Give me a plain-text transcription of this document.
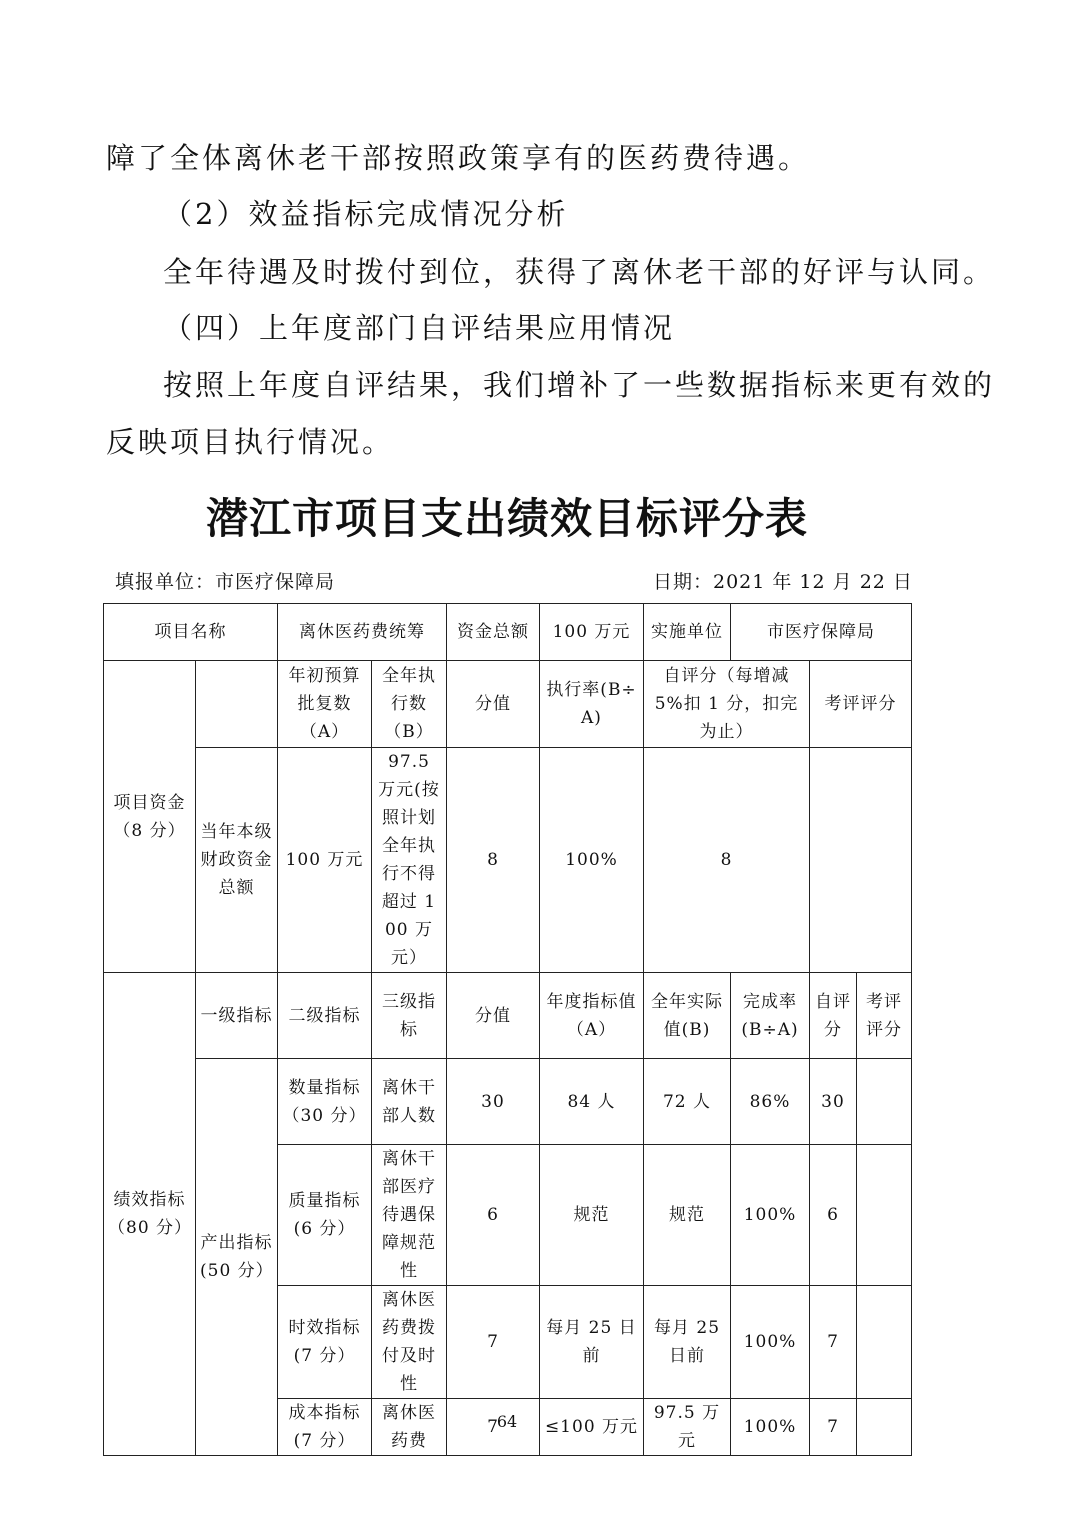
障了全体离休老干部按照政策享有的医药费待遇。
（2）效益指标完成情况分析
全年待遇及时拨付到位，获得了离休老干部的好评与认同。
（四）上年度部门自评结果应用情况
按照上年度自评结果，我们增补了一些数据指标来更有效的
反映项目执行情况。
潜江市项目支出绩效目标评分表
填报单位：市医疗保障局	日期：2021 年 12 月 22 日
项目名称		离休医药费统筹		资金总额	100 万元	实施单位	市医疗保障局		
项目资金（8 分）		年初预算批复数（A）	全年执行数（B）	分值	执行率(B÷A)	自评分（每增减 5%扣 1 分，扣完为止）		考评评分	
	当年本级财政资金总额	100 万元	97.5 万元(按照计划全年执行不得超过 100 万元）	8	100%	8			
绩效指标（80 分）	一级指标	二级指标	三级指标	分值	年度指标值（A）	全年实际值(B)	完成率(B÷A)	自评分	考评评分
	产出指标(50 分）	数量指标（30 分）	离休干部人数	30	84 人	72 人	86%	30	
		质量指标(6 分）	离休干部医疗待遇保障规范性	6	规范	规范	100%	6	
		时效指标(7 分）	离休医药费拨付及时性	7	每月 25 日前	每月 25 日前	100%	7	
		成本指标(7 分）	离休医药费	7	≤100 万元	97.5 万元	100%	7	
64
